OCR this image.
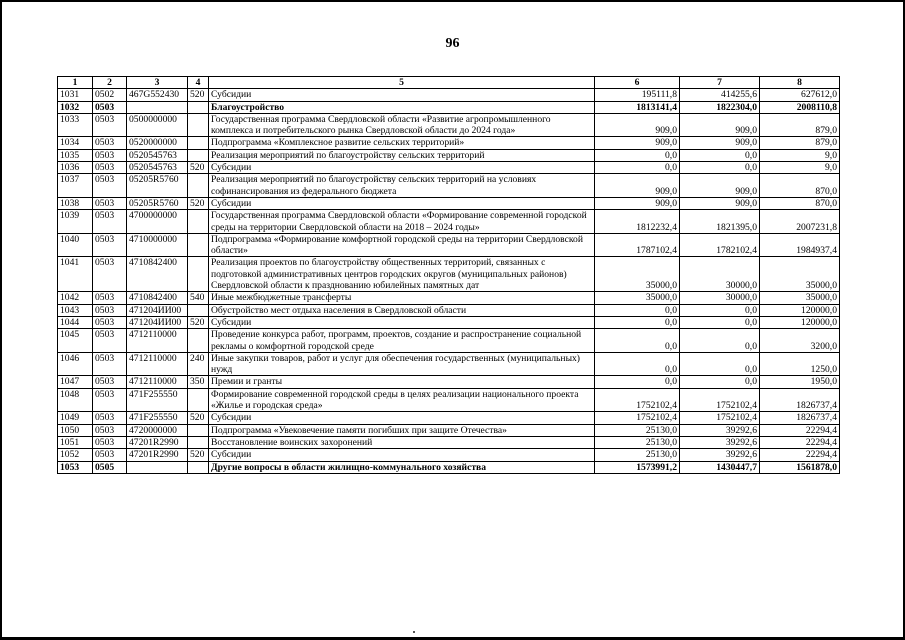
96
1	2	3	4	5	6	7	8
1031	0502	467G552430	520	Субсидии	195111,8	414255,6	627612,0
1032	0503			Благоустройство	1813141,4	1822304,0	2008110,8
1033	0503	0500000000		Государственная программа Свердловской области «Развитие агропромышленного комплекса и потребительского рынка Свердловской области до 2024 года»	909,0	909,0	879,0
1034	0503	0520000000		Подпрограмма «Комплексное развитие сельских территорий»	909,0	909,0	879,0
1035	0503	0520545763		Реализация мероприятий по благоустройству сельских территорий	0,0	0,0	9,0
1036	0503	0520545763	520	Субсидии	0,0	0,0	9,0
1037	0503	05205R5760		Реализация мероприятий по благоустройству сельских территорий на условиях софинансирования из федерального бюджета	909,0	909,0	870,0
1038	0503	05205R5760	520	Субсидии	909,0	909,0	870,0
1039	0503	4700000000		Государственная программа Свердловской области «Формирование современной городской среды на территории Свердловской области на 2018 – 2024 годы»	1812232,4	1821395,0	2007231,8
1040	0503	4710000000		Подпрограмма «Формирование комфортной городской среды на территории Свердловской области»	1787102,4	1782102,4	1984937,4
1041	0503	4710842400		Реализация проектов по благоустройству общественных территорий, связанных с подготовкой административных центров городских округов (муниципальных районов) Свердловской области к празднованию юбилейных памятных дат	35000,0	30000,0	35000,0
1042	0503	4710842400	540	Иные межбюджетные трансферты	35000,0	30000,0	35000,0
1043	0503	471204ИИ00		Обустройство мест отдыха населения в Свердловской области	0,0	0,0	120000,0
1044	0503	471204ИИ00	520	Субсидии	0,0	0,0	120000,0
1045	0503	4712110000		Проведение конкурса работ, программ, проектов, создание и распространение социальной рекламы о комфортной городской среде	0,0	0,0	3200,0
1046	0503	4712110000	240	Иные закупки товаров, работ и услуг для обеспечения государственных (муниципальных) нужд	0,0	0,0	1250,0
1047	0503	4712110000	350	Премии и гранты	0,0	0,0	1950,0
1048	0503	471F255550		Формирование современной городской среды в целях реализации национального проекта «Жилье и городская среда»	1752102,4	1752102,4	1826737,4
1049	0503	471F255550	520	Субсидии	1752102,4	1752102,4	1826737,4
1050	0503	4720000000		Подпрограмма «Увековечение памяти погибших при защите Отечества»	25130,0	39292,6	22294,4
1051	0503	47201R2990		Восстановление воинских захоронений	25130,0	39292,6	22294,4
1052	0503	47201R2990	520	Субсидии	25130,0	39292,6	22294,4
1053	0505			Другие вопросы в области жилищно-коммунального хозяйства	1573991,2	1430447,7	1561878,0
